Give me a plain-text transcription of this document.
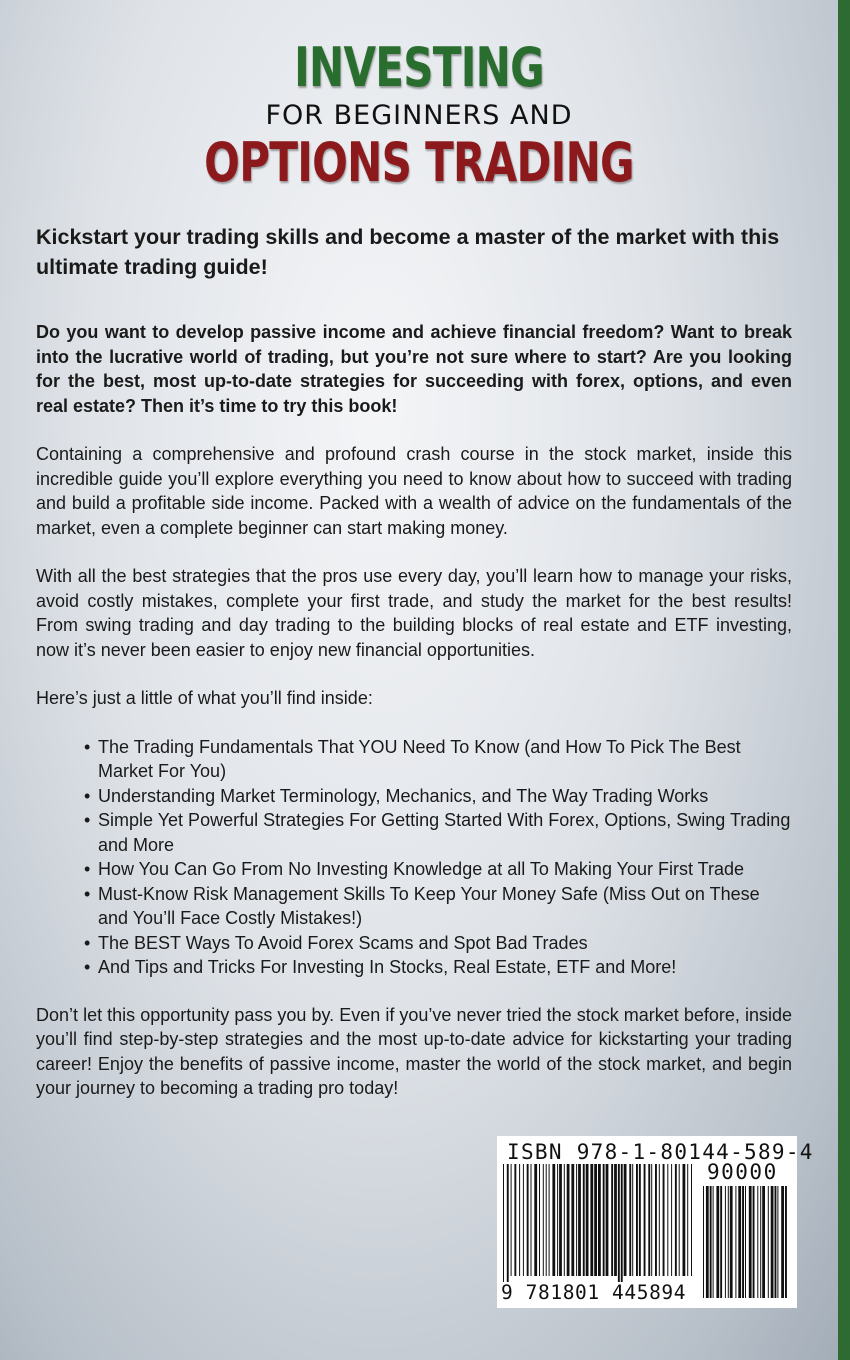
INVESTING
FOR BEGINNERS AND
OPTIONS TRADING

Kickstart your trading skills and become a master of the market with this ultimate trading guide!

Do you want to develop passive income and achieve financial freedom? Want to break into the lucrative world of trading, but you’re not sure where to start? Are you looking for the best, most up-to-date strategies for succeeding with forex, options, and even real estate? Then it’s time to try this book!

Containing a comprehensive and profound crash course in the stock market, inside this incredible guide you’ll explore everything you need to know about how to succeed with trading and build a profitable side income. Packed with a wealth of advice on the fundamentals of the market, even a complete beginner can start making money.

With all the best strategies that the pros use every day, you’ll learn how to manage your risks, avoid costly mistakes, complete your first trade, and study the market for the best results! From swing trading and day trading to the building blocks of real estate and ETF investing, now it’s never been easier to enjoy new financial opportunities.

Here’s just a little of what you’ll find inside:

• The Trading Fundamentals That YOU Need To Know (and How To Pick The Best Market For You)
• Understanding Market Terminology, Mechanics, and The Way Trading Works
• Simple Yet Powerful Strategies For Getting Started With Forex, Options, Swing Trading and More
• How You Can Go From No Investing Knowledge at all To Making Your First Trade
• Must-Know Risk Management Skills To Keep Your Money Safe (Miss Out on These and You’ll Face Costly Mistakes!)
• The BEST Ways To Avoid Forex Scams and Spot Bad Trades
• And Tips and Tricks For Investing In Stocks, Real Estate, ETF and More!

Don’t let this opportunity pass you by. Even if you’ve never tried the stock market before, inside you’ll find step-by-step strategies and the most up-to-date advice for kickstarting your trading career! Enjoy the benefits of passive income, master the world of the stock market, and begin your journey to becoming a trading pro today!

ISBN 978-1-80144-589-4
90000
9 781801 445894
